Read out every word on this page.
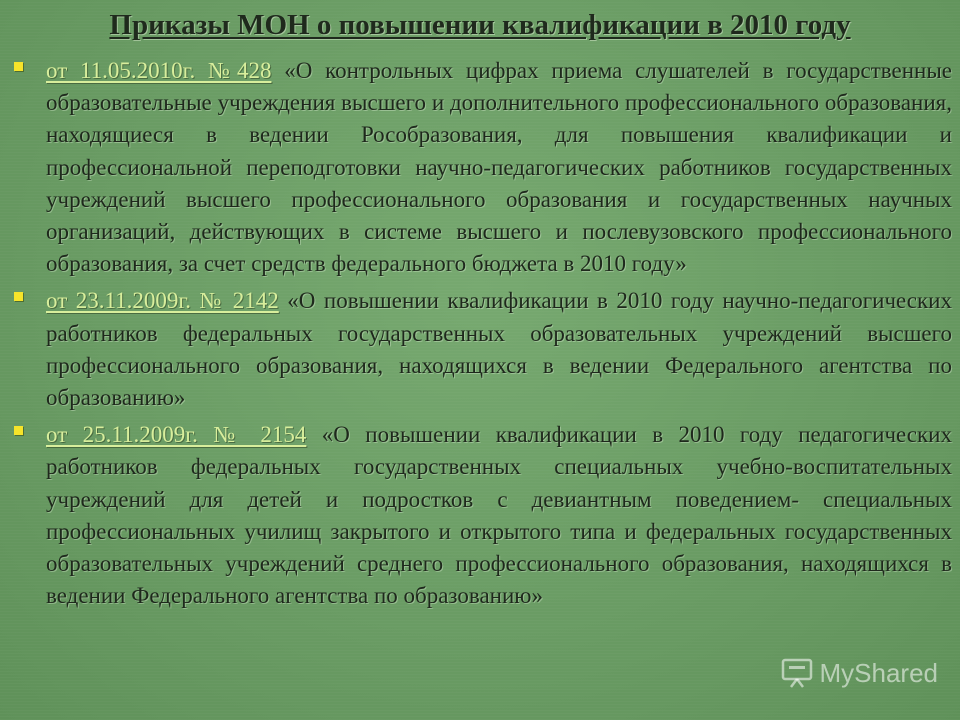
Приказы МОН о повышении квалификации в 2010 году

от 11.05.2010г. №428 «О контрольных цифрах приема слушателей в государственные образовательные учреждения высшего и дополнительного профессионального образования, находящиеся в ведении Рособразования, для повышения квалификации и профессиональной переподготовки научно-педагогических работников государственных учреждений высшего профессионального образования и государственных научных организаций, действующих в системе высшего и послевузовского профессионального образования, за счет средств федерального бюджета в 2010 году»

от 23.11.2009г. № 2142 «О повышении квалификации в 2010 году научно-педагогических работников федеральных государственных образовательных учреждений высшего профессионального образования, находящихся в ведении Федерального агентства по образованию»

от 25.11.2009г. № 2154 «О повышении квалификации в 2010 году педагогических работников федеральных государственных специальных учебно-воспитательных учреждений для детей и подростков с девиантным поведением- специальных профессиональных училищ закрытого и открытого типа и федеральных государственных образовательных учреждений среднего профессионального образования, находящихся в ведении Федерального агентства по образованию»

MyShared
